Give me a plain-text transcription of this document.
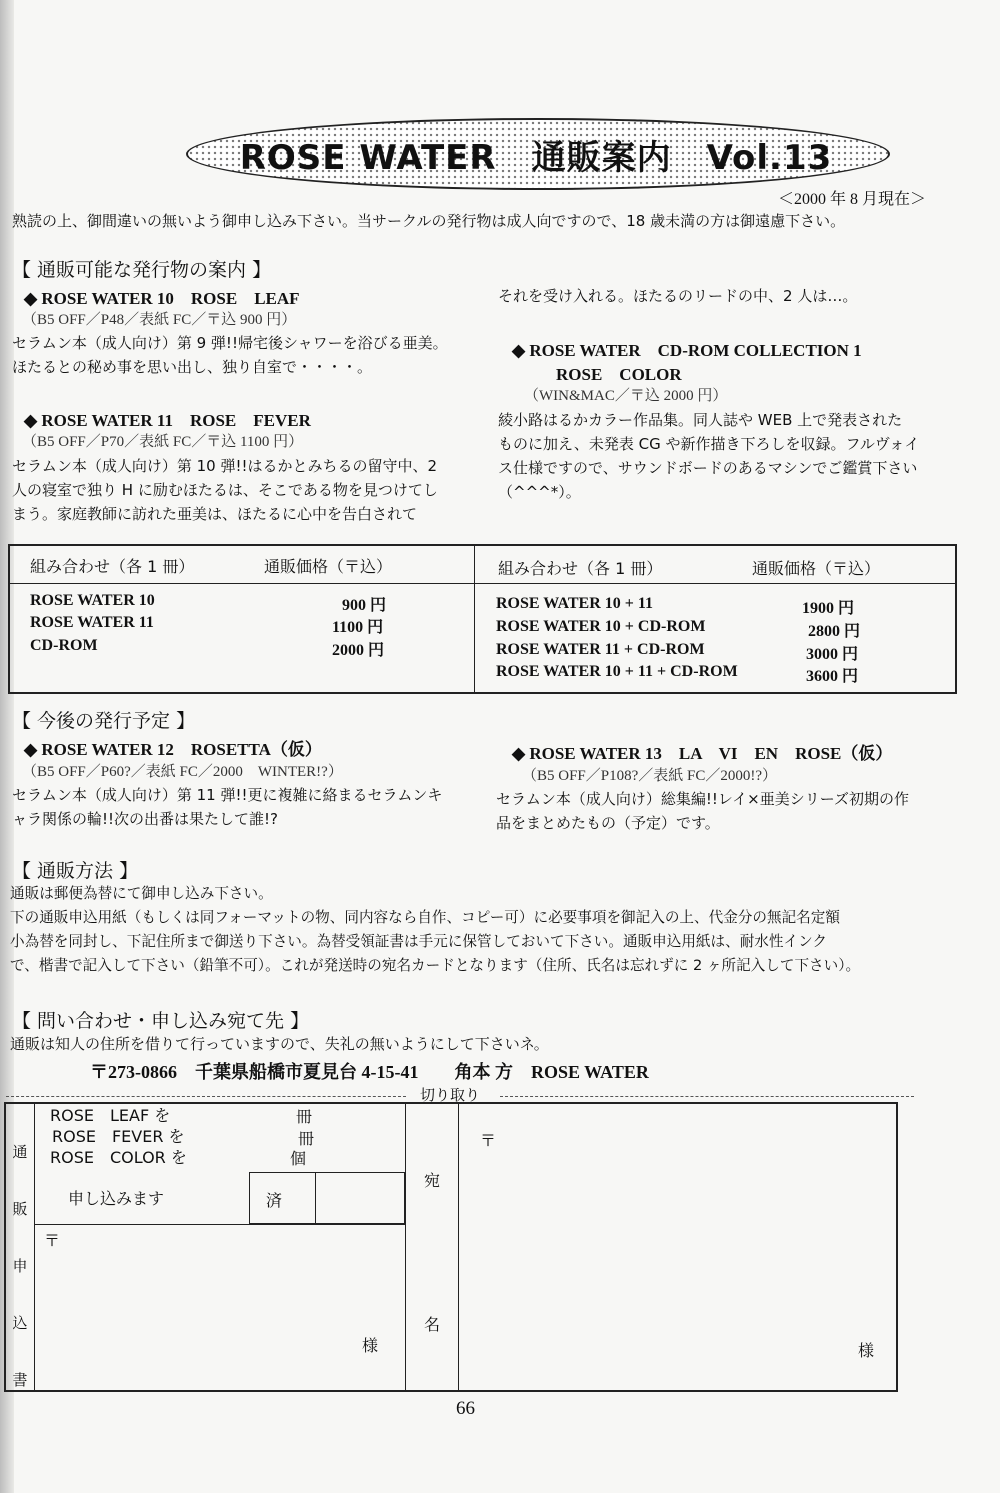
ROSE WATER　通販案内　Vol.13
＜2000 年 8 月現在＞
熟読の上、御間違いの無いよう御申し込み下さい。当サークルの発行物は成人向ですので、18 歳未満の方は御遠慮下さい。
【 通販可能な発行物の案内 】
◆ ROSE WATER 10　ROSE　LEAF
（B5 OFF／P48／表紙 FC／〒込 900 円）
セラムン本（成人向け）第 9 弾!!帰宅後シャワーを浴びる亜美。
ほたるとの秘め事を思い出し、独り自室で・・・・。
◆ ROSE WATER 11　ROSE　FEVER
（B5 OFF／P70／表紙 FC／〒込 1100 円）
セラムン本（成人向け）第 10 弾!!はるかとみちるの留守中、2
人の寝室で独り H に励むほたるは、そこである物を見つけてし
まう。家庭教師に訪れた亜美は、ほたるに心中を告白されて
それを受け入れる。ほたるのリードの中、2 人は…。
◆ ROSE WATER　CD-ROM COLLECTION 1
ROSE　COLOR
（WIN&MAC／〒込 2000 円）
綾小路はるかカラー作品集。同人誌や WEB 上で発表された
ものに加え、未発表 CG や新作描き下ろしを収録。フルヴォイ
ス仕様ですので、サウンドボードのあるマシンでご鑑賞下さい
（^^^*）。
組み合わせ（各 1 冊）	通販価格（〒込）
ROSE WATER 10	900 円
ROSE WATER 11	1100 円
CD-ROM	2000 円
組み合わせ（各 1 冊）	通販価格（〒込）
ROSE WATER 10 + 11	1900 円
ROSE WATER 10 + CD-ROM	2800 円
ROSE WATER 11 + CD-ROM	3000 円
ROSE WATER 10 + 11 + CD-ROM	3600 円
【 今後の発行予定 】
◆ ROSE WATER 12　ROSETTA（仮）
（B5 OFF／P60?／表紙 FC／2000　WINTER!?）
セラムン本（成人向け）第 11 弾!!更に複雑に絡まるセラムンキ
ャラ関係の輪!!次の出番は果たして誰!?
◆ ROSE WATER 13　LA　VI　EN　ROSE（仮）
（B5 OFF／P108?／表紙 FC／2000!?）
セラムン本（成人向け）総集編!!レイ×亜美シリーズ初期の作
品をまとめたもの（予定）です。
【 通販方法 】
通販は郵便為替にて御申し込み下さい。
下の通販申込用紙（もしくは同フォーマットの物、同内容なら自作、コピー可）に必要事項を御記入の上、代金分の無記名定額
小為替を同封し、下記住所まで御送り下さい。為替受領証書は手元に保管しておいて下さい。通販申込用紙は、耐水性インク
で、楷書で記入して下さい（鉛筆不可）。これが発送時の宛名カードとなります（住所、氏名は忘れずに 2 ヶ所記入して下さい）。
【 問い合わせ・申し込み宛て先 】
通販は知人の住所を借りて行っていますので、失礼の無いようにして下さいネ。
〒273-0866　千葉県船橋市夏見台 4-15-41　　角本 方　ROSE WATER
切り取り
通
販
申
込
書
ROSE　LEAF を	冊
ROSE　FEVER を	冊
ROSE　COLOR を	個
申し込みます	済
〒
様
宛
名
〒
様
66
